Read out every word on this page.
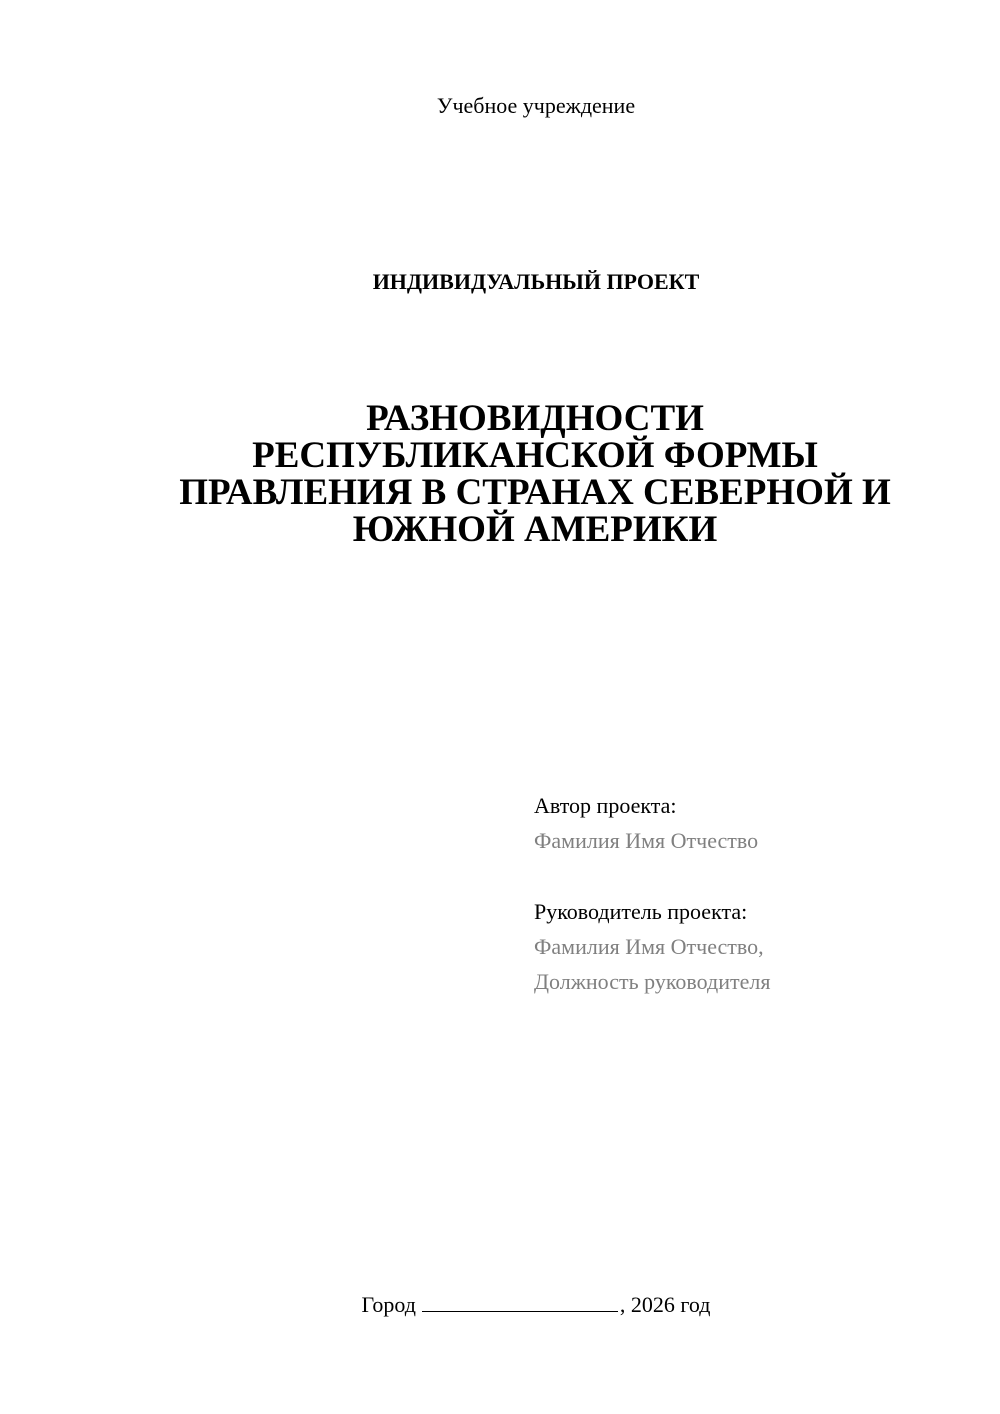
Учебное учреждение
ИНДИВИДУАЛЬНЫЙ ПРОЕКТ
РАЗНОВИДНОСТИ
РЕСПУБЛИКАНСКОЙ ФОРМЫ
ПРАВЛЕНИЯ В СТРАНАХ СЕВЕРНОЙ И
ЮЖНОЙ АМЕРИКИ
Автор проекта:
Фамилия Имя Отчество
Руководитель проекта:
Фамилия Имя Отчество,
Должность руководителя
Город	, 2026 год
